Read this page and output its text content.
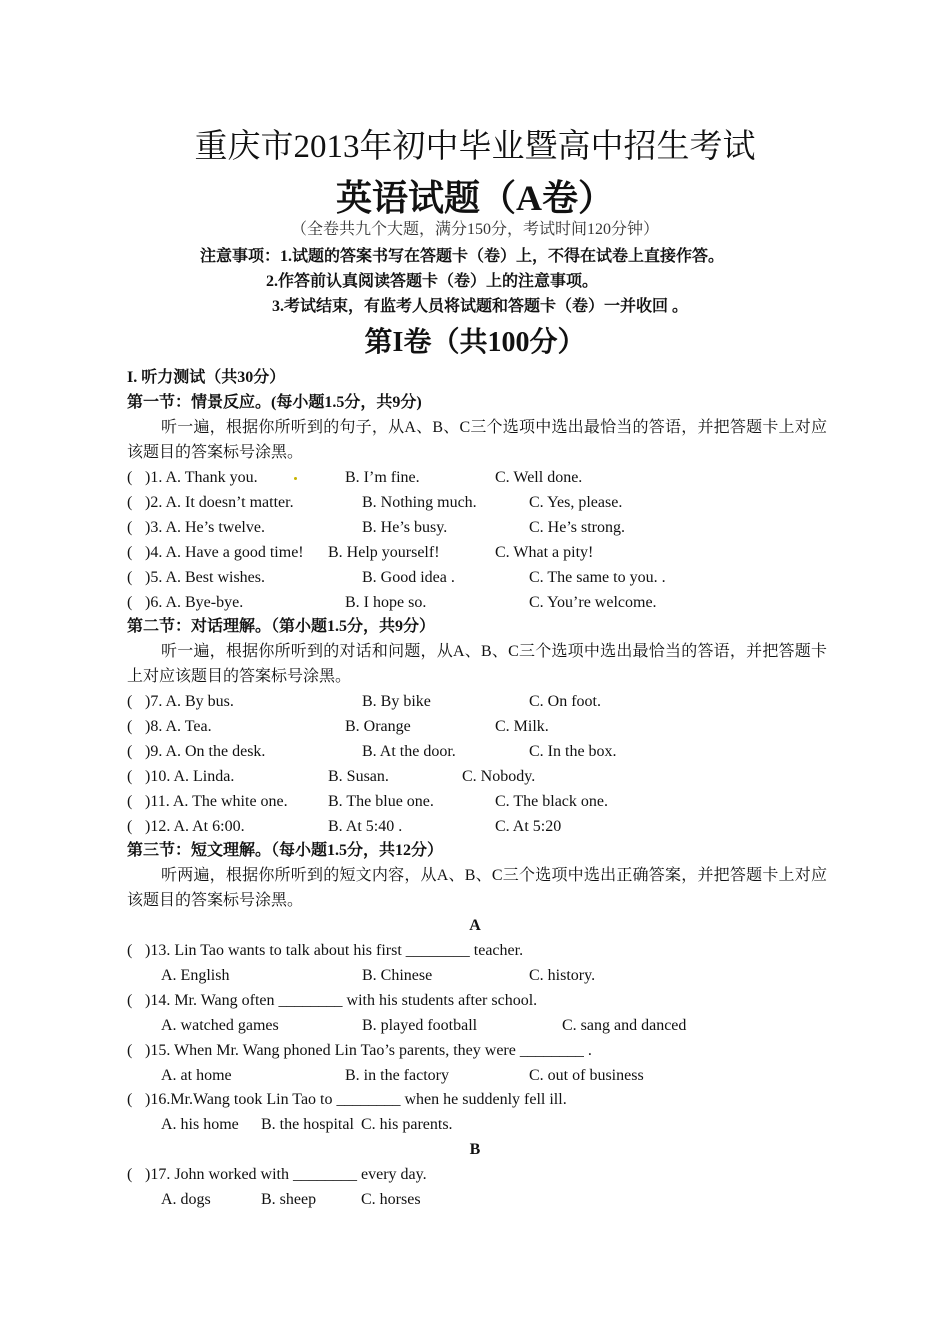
重庆市2013年初中毕业暨高中招生考试
英语试题（A卷）
（全卷共九个大题，满分150分，考试时间120分钟）
注意事项：1.试题的答案书写在答题卡（卷）上，不得在试卷上直接作答。
2.作答前认真阅读答题卡（卷）上的注意事项。
3.考试结束，有监考人员将试题和答题卡（卷）一并收回 。
第I卷（共100分）
I. 听力测试（共30分）
第一节：情景反应。(每小题1.5分，共9分)
听一遍，根据你所听到的句子，从A、B、C三个选项中选出最恰当的答语，并把答题卡上对应该题目的答案标号涂黑。
( )1. A. Thank you.	B. I’m fine.	C. Well done.
( )2. A. It doesn’t matter.	B. Nothing much.	C. Yes, please.
( )3. A. He’s twelve.	B. He’s busy.	C. He’s strong.
( )4. A. Have a good time! B. Help yourself!	C. What a pity!
( )5. A. Best wishes.	B. Good idea .	C. The same to you. .
( )6. A. Bye-bye.	B. I hope so.	C. You’re welcome.
第二节：对话理解。（第小题1.5分，共9分）
听一遍，根据你所听到的对话和问题，从A、B、C三个选项中选出最恰当的答语，并把答题卡上对应该题目的答案标号涂黑。
( )7. A. By bus.	B. By bike	C. On foot.
( )8. A. Tea.	B. Orange	C. Milk.
( )9. A. On the desk.	B. At the door.	C. In the box.
( )10. A. Linda.	B. Susan.	C. Nobody.
( )11. A. The white one.	B. The blue one.	C. The black one.
( )12. A. At 6:00.	B. At 5:40 .	C. At 5:20
第三节：短文理解。（每小题1.5分，共12分）
听两遍，根据你所听到的短文内容，从A、B、C三个选项中选出正确答案，并把答题卡上对应该题目的答案标号涂黑。
A
( )13. Lin Tao wants to talk about his first ________ teacher.
A. English	B. Chinese	C. history.
( )14. Mr. Wang often ________ with his students after school.
A. watched games	B. played football	C. sang and danced
( )15. When Mr. Wang phoned Lin Tao’s parents, they were ________ .
A. at home	B. in the factory	C. out of business
( )16.Mr.Wang took Lin Tao to ________ when he suddenly fell ill.
A. his home B. the hospital C. his parents.
B
( )17. John worked with ________ every day.
A. dogs	B. sheep	C. horses
